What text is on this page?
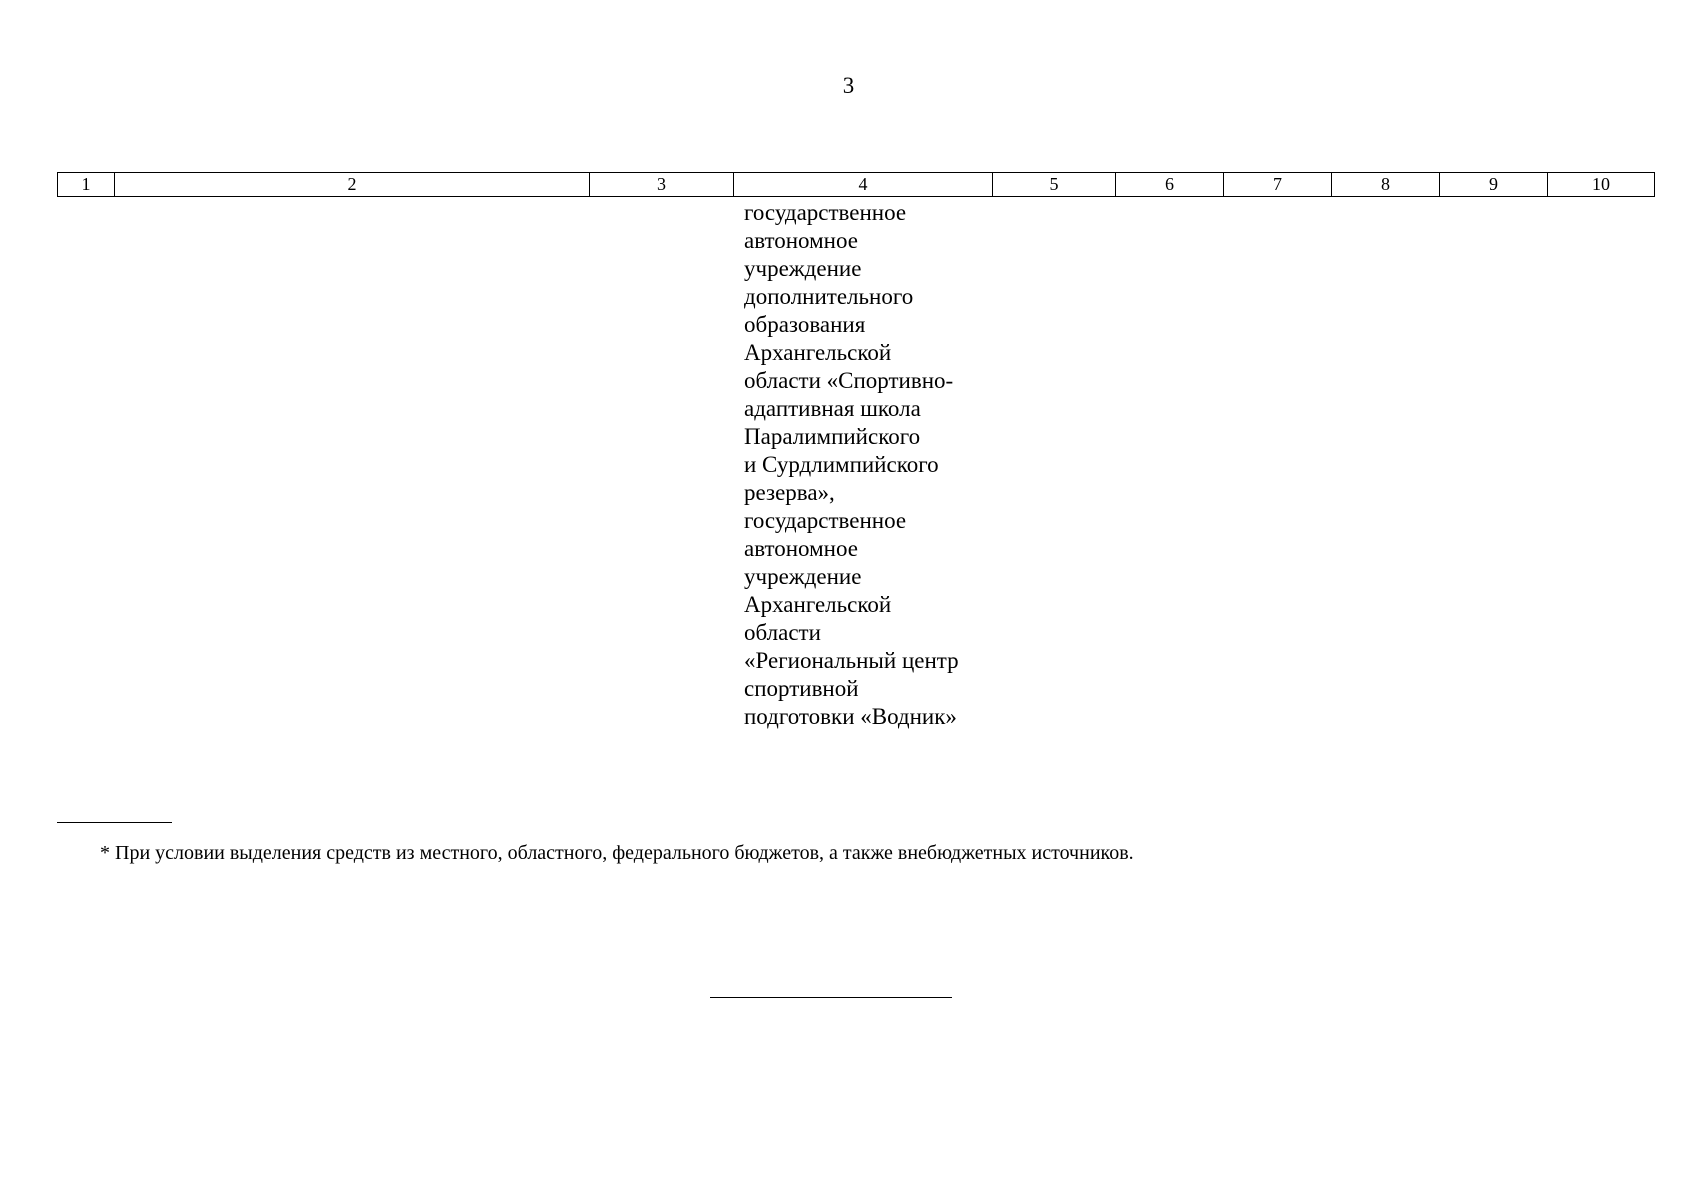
3
1	2	3	4	5	6	7	8	9	10
государственное
автономное
учреждение
дополнительного
образования
Архангельской
области «Спортивно-
адаптивная школа
Паралимпийского
и Сурдлимпийского
резерва»,
государственное
автономное
учреждение
Архангельской
области
«Региональный центр
спортивной
подготовки «Водник»
* При условии выделения средств из местного, областного, федерального бюджетов, а также внебюджетных источников.
